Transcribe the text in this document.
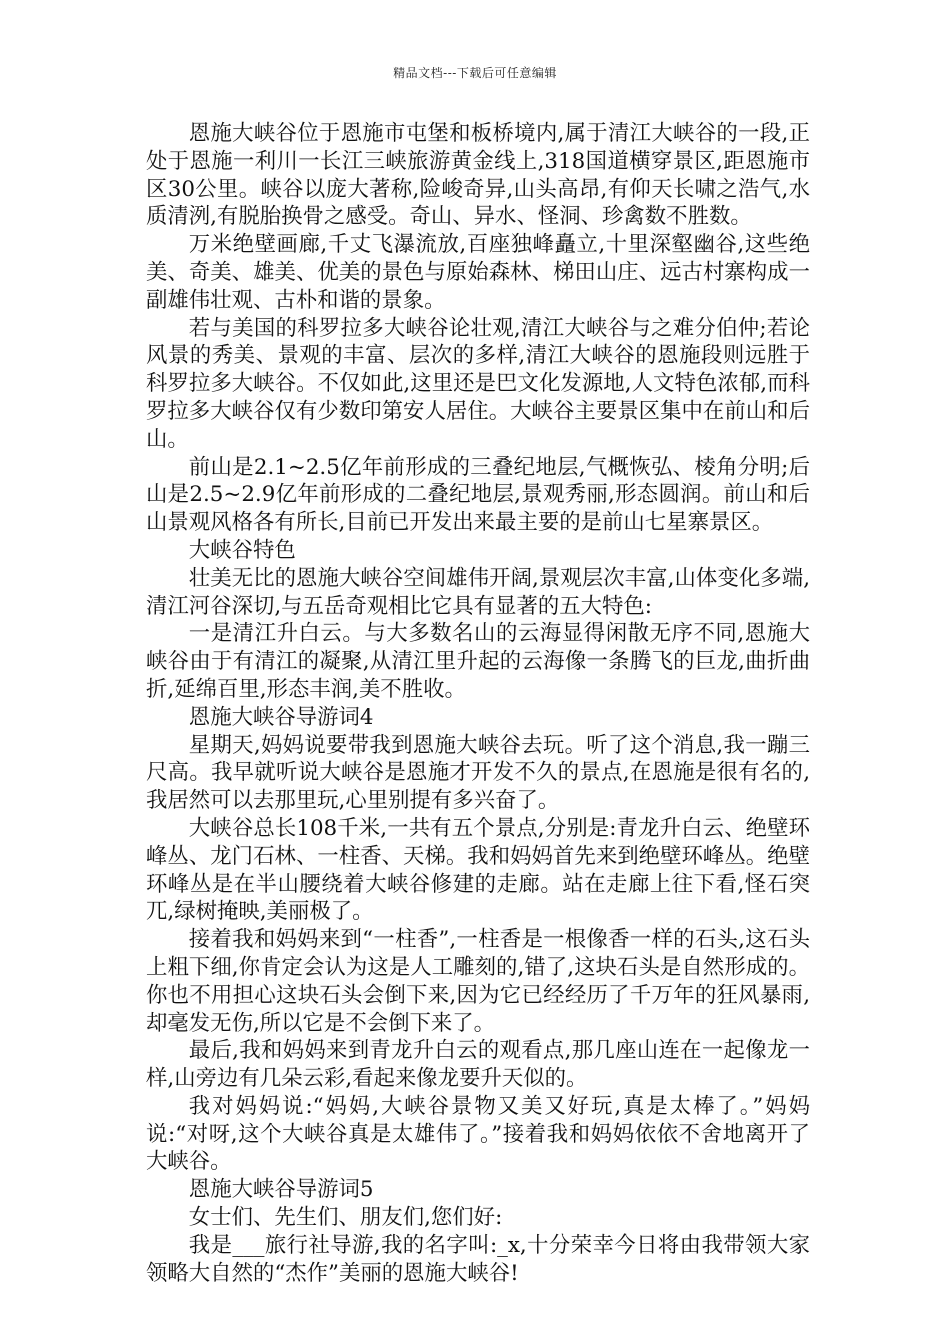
精品文档---下载后可任意编辑

恩施大峡谷位于恩施市屯堡和板桥境内,属于清江大峡谷的一段,正处于恩施一利川一长江三峡旅游黄金线上,318国道横穿景区,距恩施市区30公里。峡谷以庞大著称,险峻奇异,山头高昂,有仰天长啸之浩气,水质清洌,有脱胎换骨之感受。奇山、异水、怪洞、珍禽数不胜数。

万米绝壁画廊,千丈飞瀑流放,百座独峰矗立,十里深壑幽谷,这些绝美、奇美、雄美、优美的景色与原始森林、梯田山庄、远古村寨构成一副雄伟壮观、古朴和谐的景象。

若与美国的科罗拉多大峡谷论壮观,清江大峡谷与之难分伯仲;若论风景的秀美、景观的丰富、层次的多样,清江大峡谷的恩施段则远胜于科罗拉多大峡谷。不仅如此,这里还是巴文化发源地,人文特色浓郁,而科罗拉多大峡谷仅有少数印第安人居住。大峡谷主要景区集中在前山和后山。

前山是2.1~2.5亿年前形成的三叠纪地层,气概恢弘、棱角分明;后山是2.5~2.9亿年前形成的二叠纪地层,景观秀丽,形态圆润。前山和后山景观风格各有所长,目前已开发出来最主要的是前山七星寨景区。

大峡谷特色

壮美无比的恩施大峡谷空间雄伟开阔,景观层次丰富,山体变化多端,清江河谷深切,与五岳奇观相比它具有显著的五大特色:

一是清江升白云。与大多数名山的云海显得闲散无序不同,恩施大峡谷由于有清江的凝聚,从清江里升起的云海像一条腾飞的巨龙,曲折曲折,延绵百里,形态丰润,美不胜收。

恩施大峡谷导游词4

星期天,妈妈说要带我到恩施大峡谷去玩。听了这个消息,我一蹦三尺高。我早就听说大峡谷是恩施才开发不久的景点,在恩施是很有名的,我居然可以去那里玩,心里别提有多兴奋了。

大峡谷总长108千米,一共有五个景点,分别是:青龙升白云、绝壁环峰丛、龙门石林、一柱香、天梯。我和妈妈首先来到绝壁环峰丛。绝壁环峰丛是在半山腰绕着大峡谷修建的走廊。站在走廊上往下看,怪石突兀,绿树掩映,美丽极了。

接着我和妈妈来到“一柱香”,一柱香是一根像香一样的石头,这石头上粗下细,你肯定会认为这是人工雕刻的,错了,这块石头是自然形成的。你也不用担心这块石头会倒下来,因为它已经经历了千万年的狂风暴雨,却毫发无伤,所以它是不会倒下来了。

最后,我和妈妈来到青龙升白云的观看点,那几座山连在一起像龙一样,山旁边有几朵云彩,看起来像龙要升天似的。

我对妈妈说:“妈妈,大峡谷景物又美又好玩,真是太棒了。”妈妈说:“对呀,这个大峡谷真是太雄伟了。”接着我和妈妈依依不舍地离开了大峡谷。

恩施大峡谷导游词5

女士们、先生们、朋友们,您们好:

我是___旅行社导游,我的名字叫:_x,十分荣幸今日将由我带领大家领略大自然的“杰作”美丽的恩施大峡谷!
